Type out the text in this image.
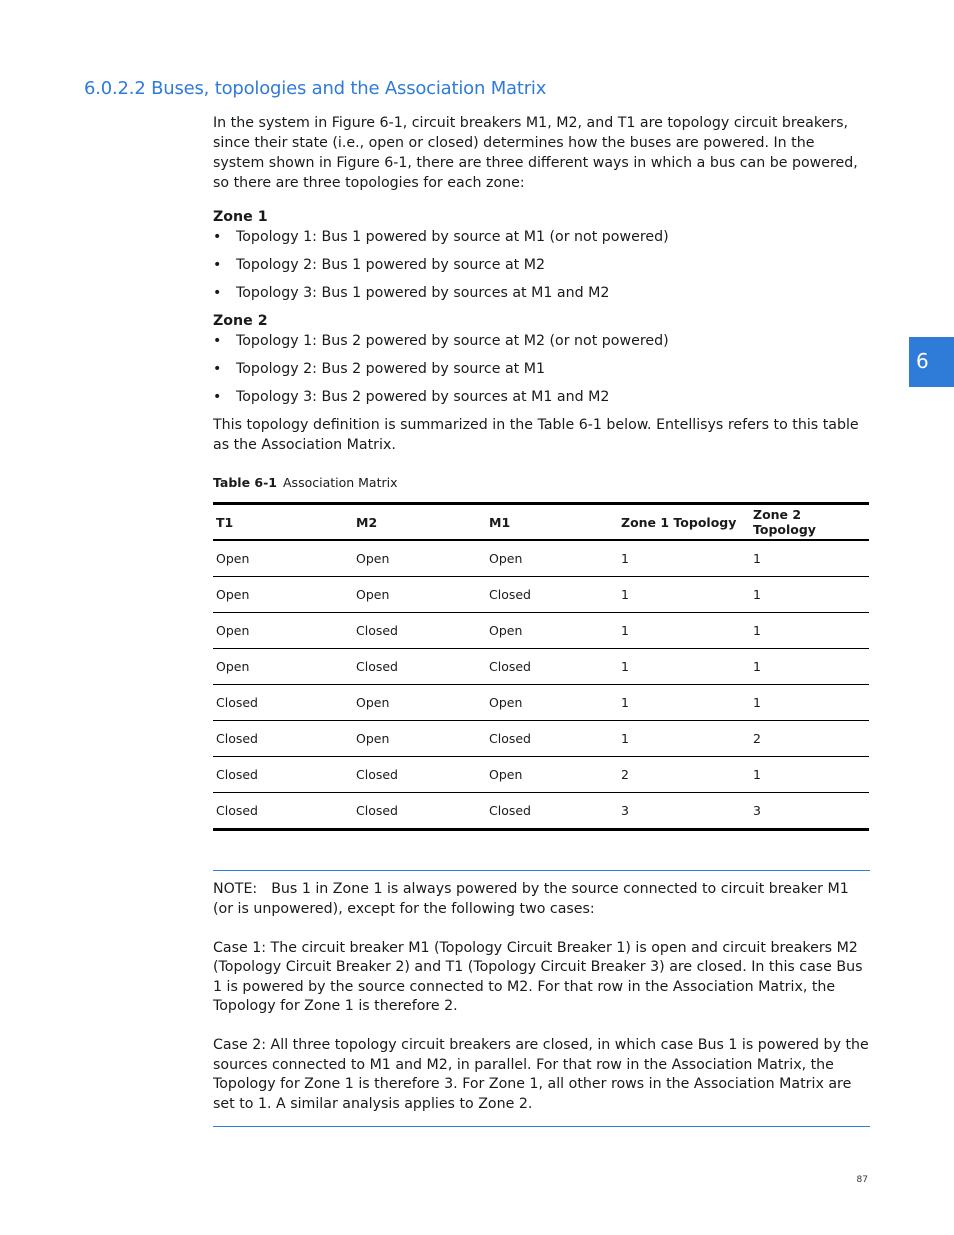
6.0.2.2 Buses, topologies and the Association Matrix

In the system in Figure 6-1, circuit breakers M1, M2, and T1 are topology circuit breakers, since their state (i.e., open or closed) determines how the buses are powered. In the system shown in Figure 6-1, there are three different ways in which a bus can be powered, so there are three topologies for each zone:

Zone 1

• Topology 1: Bus 1 powered by source at M1 (or not powered)
• Topology 2: Bus 1 powered by source at M2
• Topology 3: Bus 1 powered by sources at M1 and M2

Zone 2

• Topology 1: Bus 2 powered by source at M2 (or not powered)
• Topology 2: Bus 2 powered by source at M1
• Topology 3: Bus 2 powered by sources at M1 and M2

This topology definition is summarized in the Table 6-1 below. Entellisys refers to this table as the Association Matrix.

Table 6-1 Association Matrix
T1	M2	M1	Zone 1 Topology	Zone 2 Topology
Open	Open	Open	1	1
Open	Open	Closed	1	1
Open	Closed	Open	1	1
Open	Closed	Closed	1	1
Closed	Open	Open	1	1
Closed	Open	Closed	1	2
Closed	Closed	Open	2	1
Closed	Closed	Closed	3	3

NOTE: Bus 1 in Zone 1 is always powered by the source connected to circuit breaker M1 (or is unpowered), except for the following two cases:

Case 1: The circuit breaker M1 (Topology Circuit Breaker 1) is open and circuit breakers M2 (Topology Circuit Breaker 2) and T1 (Topology Circuit Breaker 3) are closed. In this case Bus 1 is powered by the source connected to M2. For that row in the Association Matrix, the Topology for Zone 1 is therefore 2.

Case 2: All three topology circuit breakers are closed, in which case Bus 1 is powered by the sources connected to M1 and M2, in parallel. For that row in the Association Matrix, the Topology for Zone 1 is therefore 3. For Zone 1, all other rows in the Association Matrix are set to 1. A similar analysis applies to Zone 2.

6
87
